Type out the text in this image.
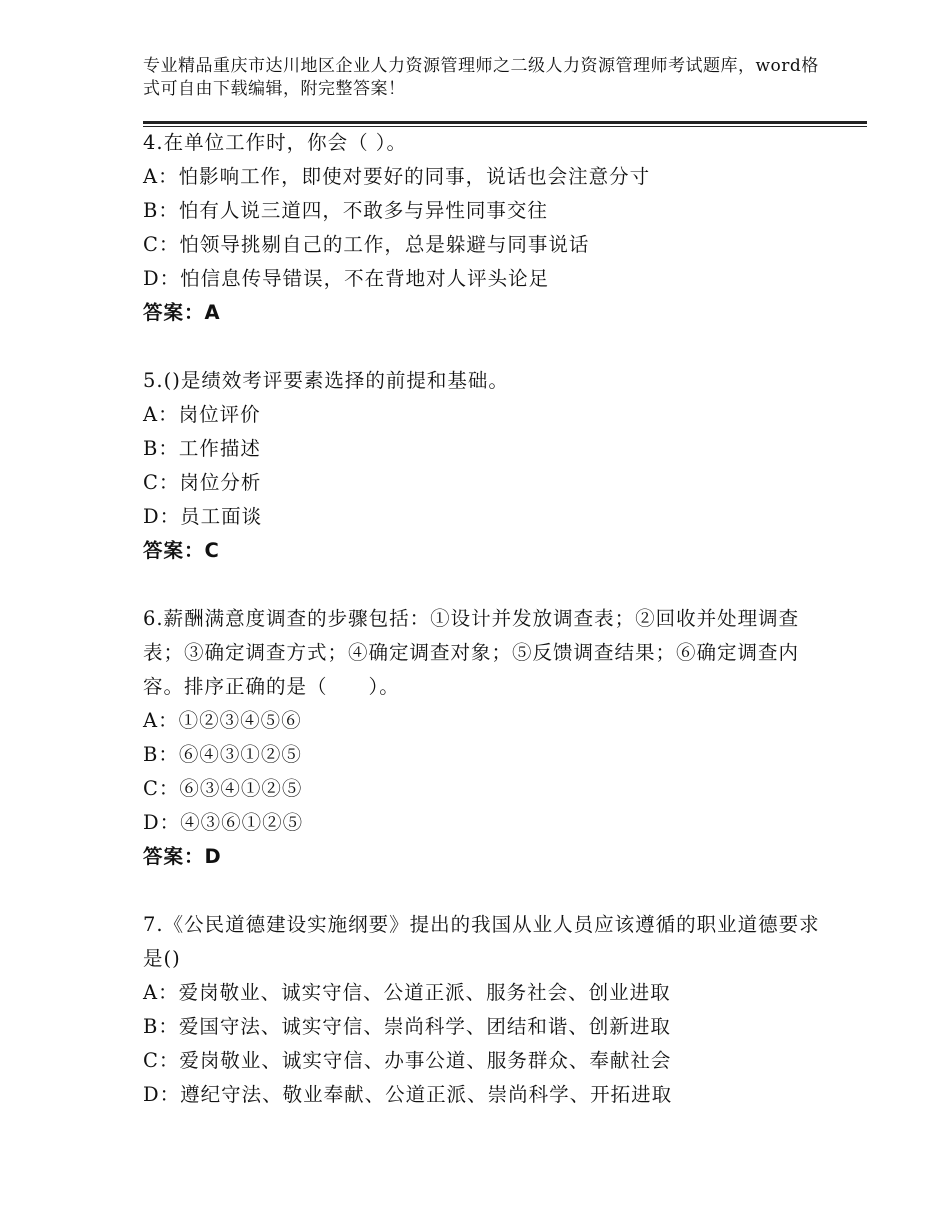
专业精品重庆市达川地区企业人力资源管理师之二级人力资源管理师考试题库，word格式可自由下载编辑，附完整答案！
4.在单位工作时，你会（ ）。
A：怕影响工作，即使对要好的同事，说话也会注意分寸
B：怕有人说三道四，不敢多与异性同事交往
C：怕领导挑剔自己的工作，总是躲避与同事说话
D：怕信息传导错误，不在背地对人评头论足
答案：A
5.()是绩效考评要素选择的前提和基础。
A：岗位评价
B：工作描述
C：岗位分析
D：员工面谈
答案：C
6.薪酬满意度调查的步骤包括：①设计并发放调查表；②回收并处理调查表；③确定调查方式；④确定调查对象；⑤反馈调查结果；⑥确定调查内容。排序正确的是（　　）。
A：①②③④⑤⑥
B：⑥④③①②⑤
C：⑥③④①②⑤
D：④③⑥①②⑤
答案：D
7.《公民道德建设实施纲要》提出的我国从业人员应该遵循的职业道德要求是()
A：爱岗敬业、诚实守信、公道正派、服务社会、创业进取
B：爱国守法、诚实守信、崇尚科学、团结和谐、创新进取
C：爱岗敬业、诚实守信、办事公道、服务群众、奉献社会
D：遵纪守法、敬业奉献、公道正派、崇尚科学、开拓进取
